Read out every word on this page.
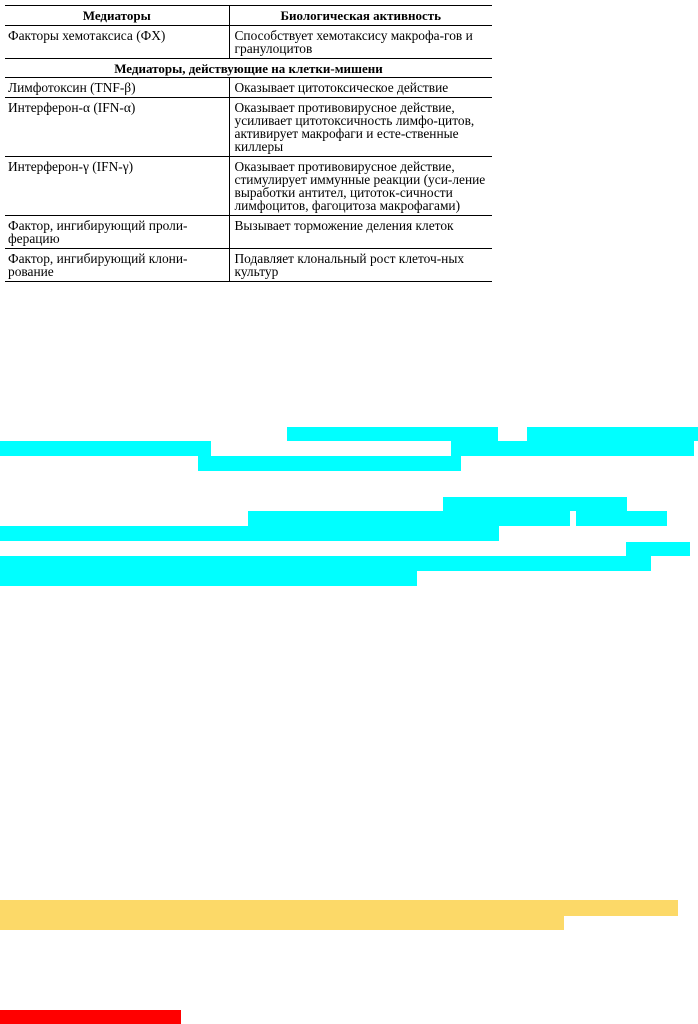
Медиаторы	Биологическая активность
Факторы хемотаксиса (ФХ)	Способствует хемотаксису макрофа-гов и гранулоцитов
Медиаторы, действующие на клетки-мишени	
Лимфотоксин (TNF-β)	Оказывает цитотоксическое действие
Интерферон-α (IFN-α)	Оказывает противовирусное действие, усиливает цитотоксичность лимфо-цитов, активирует макрофаги и есте-ственные киллеры
Интерферон-γ (IFN-γ)	Оказывает противовирусное действие, стимулирует иммунные реакции (уси-ление выработки антител, цитоток-сичности лимфоцитов, фагоцитоза макрофагами)
Фактор, ингибирующий проли-ферацию	Вызывает торможение деления клеток
Фактор, ингибирующий клони-рование	Подавляет клональный рост клеточ-ных культур
